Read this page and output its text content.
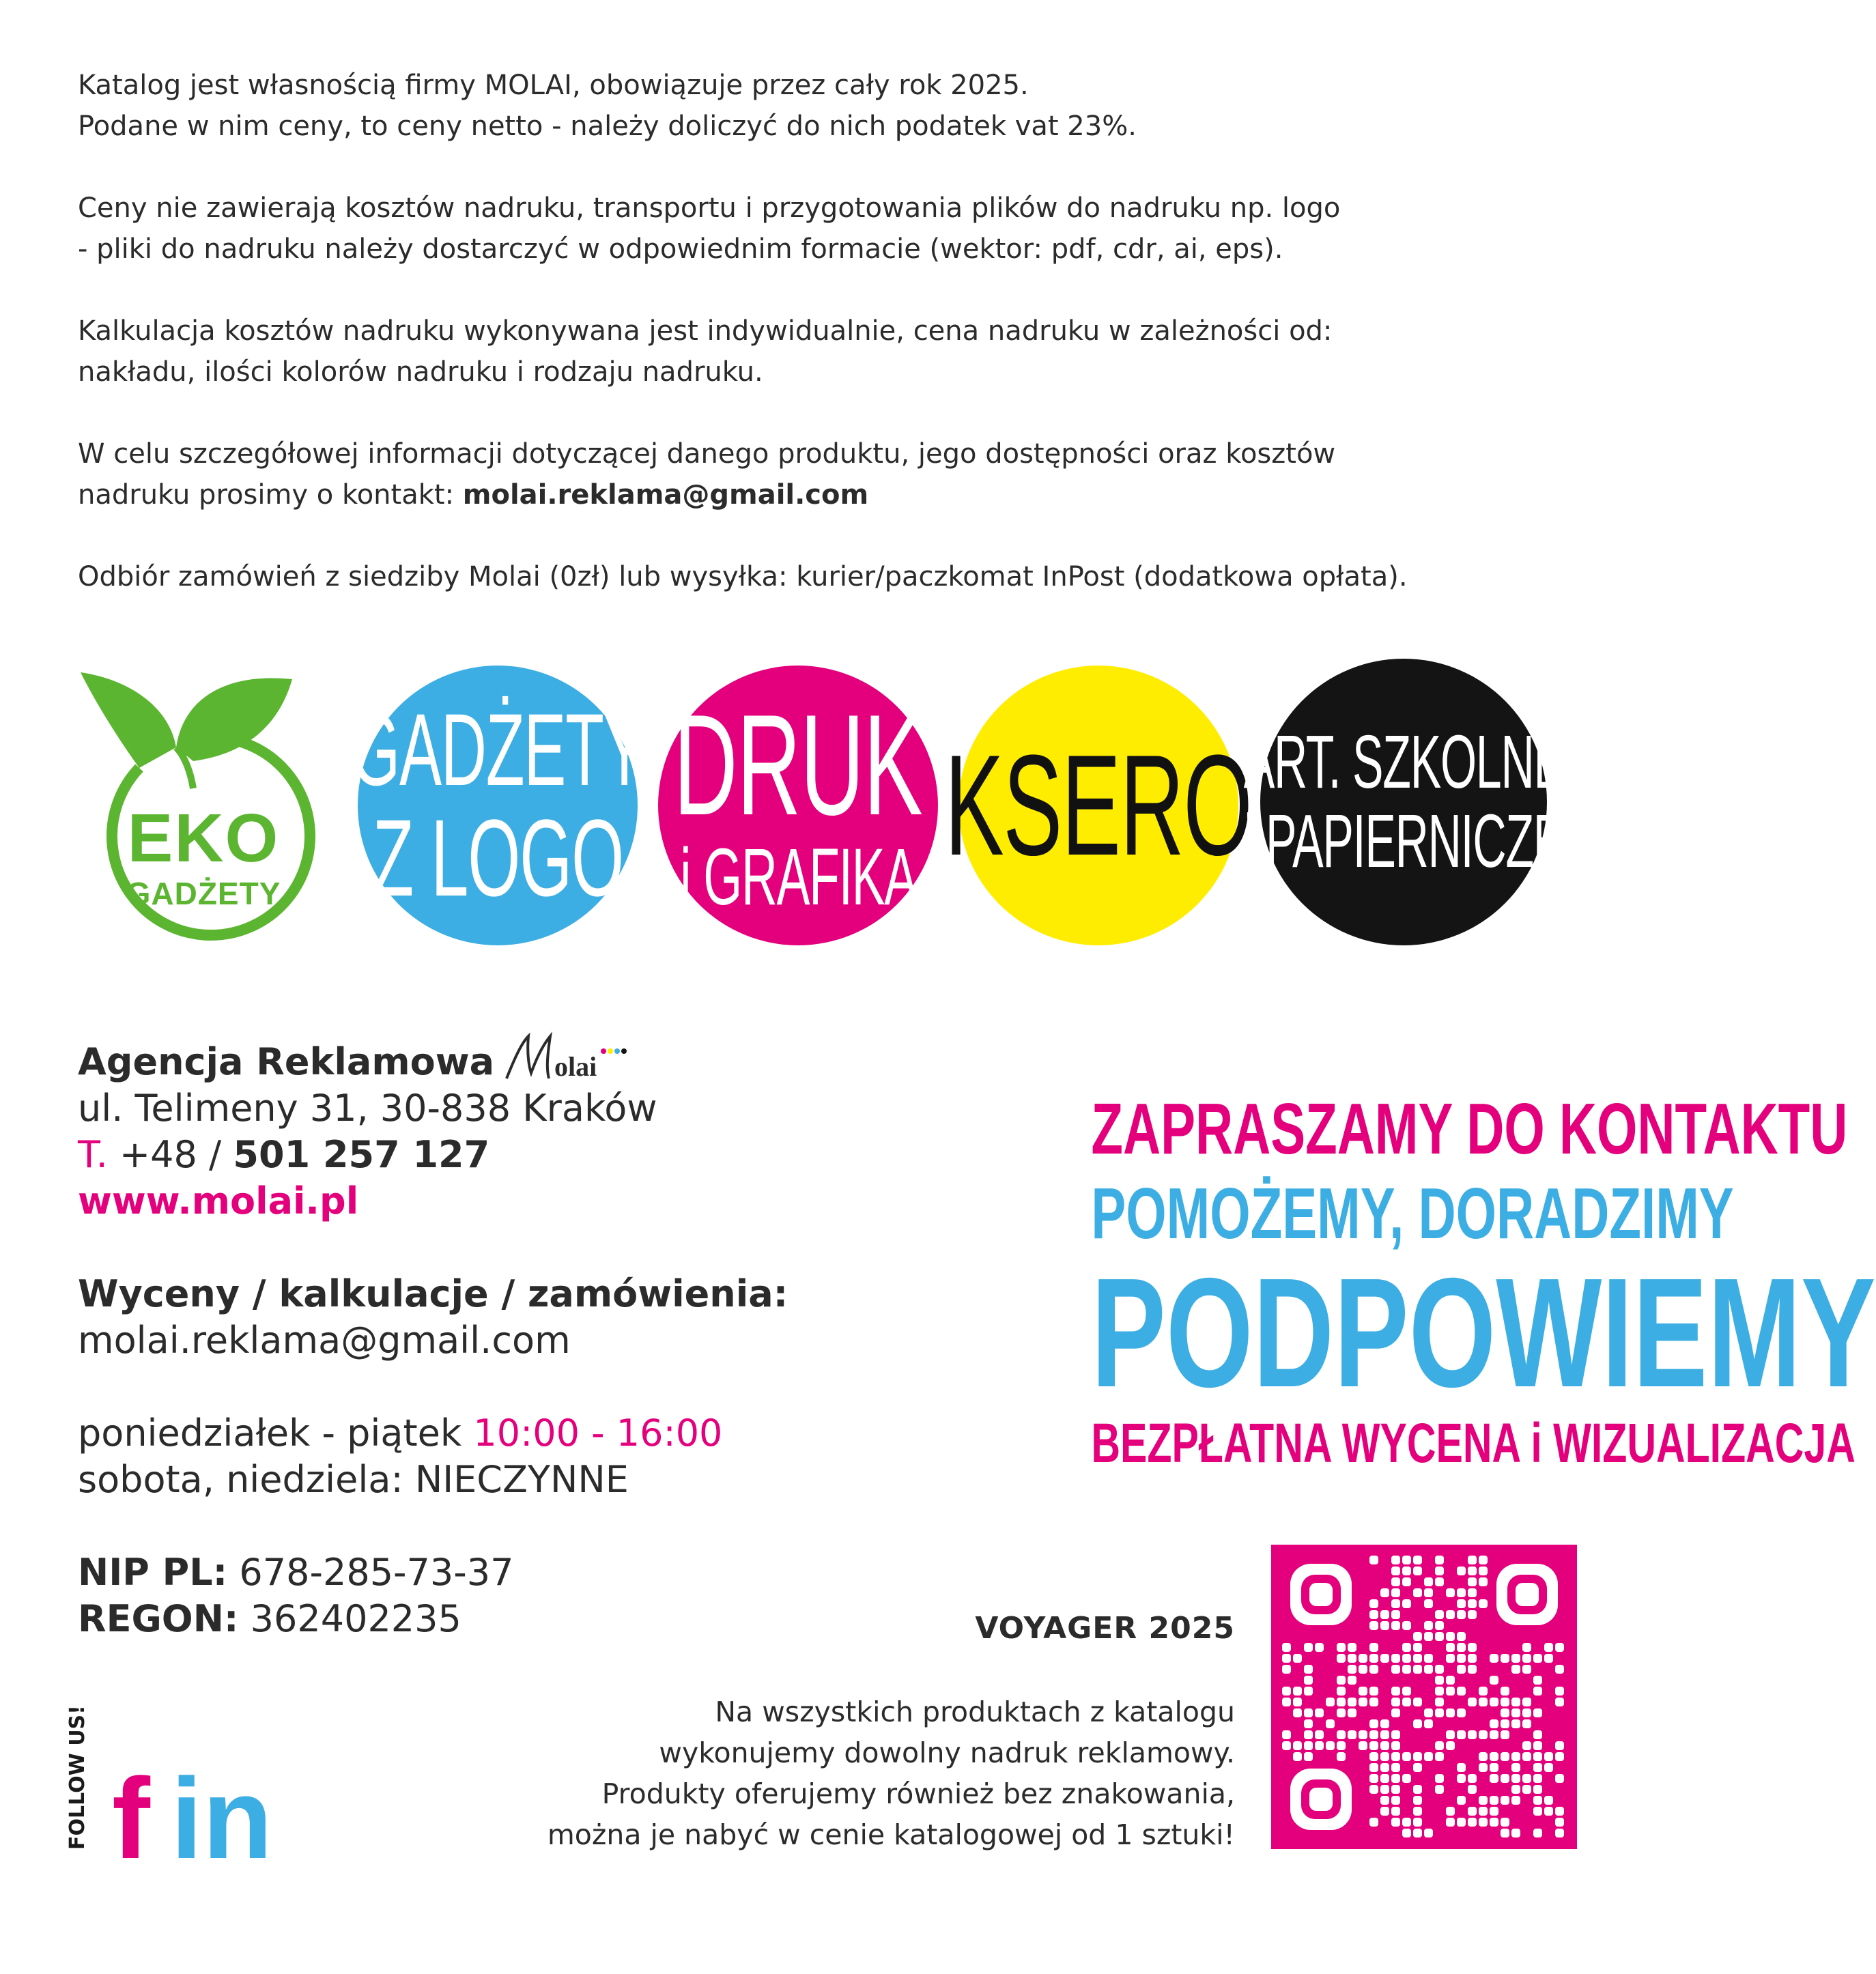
Katalog jest własnością firmy MOLAI, obowiązuje przez cały rok 2025.
Podane w nim ceny, to ceny netto - należy doliczyć do nich podatek vat 23%.

Ceny nie zawierają kosztów nadruku, transportu i przygotowania plików do nadruku np. logo
- pliki do nadruku należy dostarczyć w odpowiednim formacie (wektor: pdf, cdr, ai, eps).

Kalkulacja kosztów nadruku wykonywana jest indywidualnie, cena nadruku w zależności od:
nakładu, ilości kolorów nadruku i rodzaju nadruku.

W celu szczegółowej informacji dotyczącej danego produktu, jego dostępności oraz kosztów
nadruku prosimy o kontakt: molai.reklama@gmail.com

Odbiór zamówień z siedziby Molai (0zł) lub wysyłka: kurier/paczkomat InPost (dodatkowa opłata).

EKO
GADŻETY
GADŻETY
Z LOGO
DRUK
i GRAFIKA KSERO
ART. SZKOLNE
i PAPIERNICZE
Agencja Reklamowa olai
ul. Telimeny 31, 30-838 Kraków
T. +48 / 501 257 127
www.molai.pl
Wyceny / kalkulacje / zamówienia:
molai.reklama@gmail.com
poniedziałek - piątek 10:00 - 16:00
sobota, niedziela: NIECZYNNE
NIP PL: 678-285-73-37
REGON: 362402235
ZAPRASZAMY DO KONTAKTU
POMOŻEMY, DORADZIMY
PODPOWIEMY
BEZPŁATNA WYCENA i WIZUALIZACJA
VOYAGER 2025
Na wszystkich produktach z katalogu
wykonujemy dowolny nadruk reklamowy.
Produkty oferujemy również bez znakowania,
można je nabyć w cenie katalogowej od 1 sztuki!
FOLLOW US! f in
